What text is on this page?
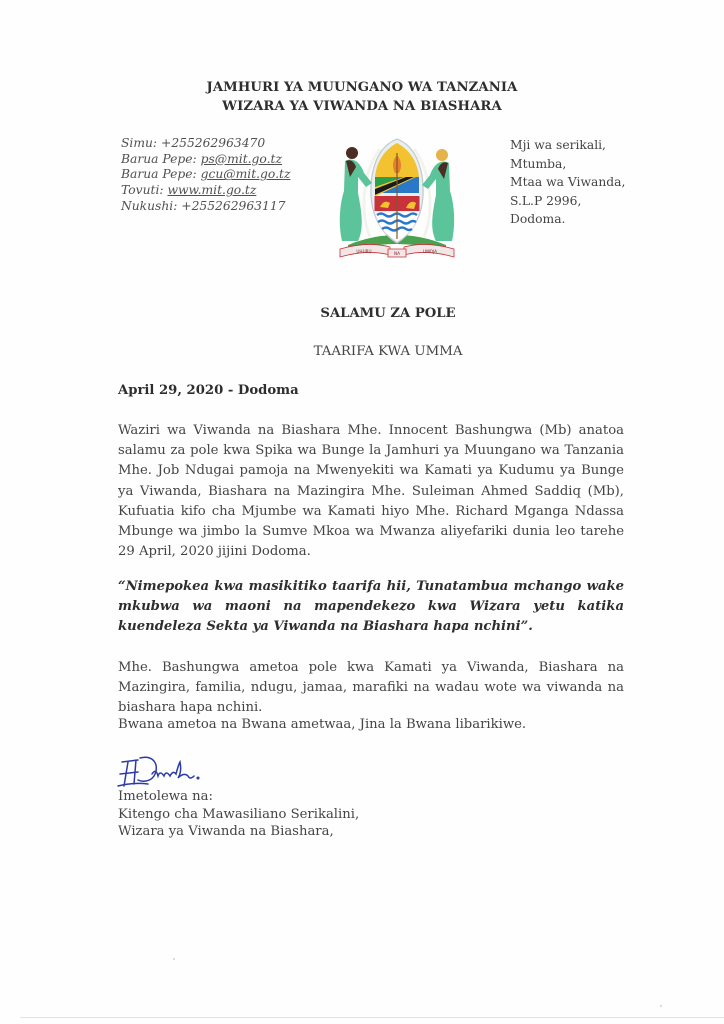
JAMHURI YA MUUNGANO WA TANZANIA
WIZARA YA VIWANDA NA BIASHARA
Simu: +255262963470
Barua Pepe: ps@mit.go.tz
Barua Pepe: gcu@mit.go.tz
Tovuti: www.mit.go.tz
Nukushi: +255262963117
UHURU	NA	UMOJA
Mji wa serikali,
Mtumba,
Mtaa wa Viwanda,
S.L.P 2996,
Dodoma.
SALAMU ZA POLE
TAARIFA KWA UMMA
April 29, 2020 - Dodoma
Waziri wa Viwanda na Biashara Mhe. Innocent Bashungwa (Mb) anatoa salamu za pole kwa Spika wa Bunge la Jamhuri ya Muungano wa Tanzania Mhe. Job Ndugai pamoja na Mwenyekiti wa Kamati ya Kudumu ya Bunge ya Viwanda, Biashara na Mazingira Mhe. Suleiman Ahmed Saddiq (Mb), Kufuatia kifo cha Mjumbe wa Kamati hiyo Mhe. Richard Mganga Ndassa Mbunge wa jimbo la Sumve Mkoa wa Mwanza aliyefariki dunia leo tarehe 29 April, 2020 jijini Dodoma.
“Nimepokea kwa masikitiko taarifa hii, Tunatambua mchango wake mkubwa wa maoni na mapendekezo kwa Wizara yetu katika kuendeleza Sekta ya Viwanda na Biashara hapa nchini”.
Mhe. Bashungwa ametoa pole kwa Kamati ya Viwanda, Biashara na Mazingira, familia, ndugu, jamaa, marafiki na wadau wote wa viwanda na biashara hapa nchini.
Bwana ametoa na Bwana ametwaa, Jina la Bwana libarikiwe.
Imetolewa na:
Kitengo cha Mawasiliano Serikalini,
Wizara ya Viwanda na Biashara,
